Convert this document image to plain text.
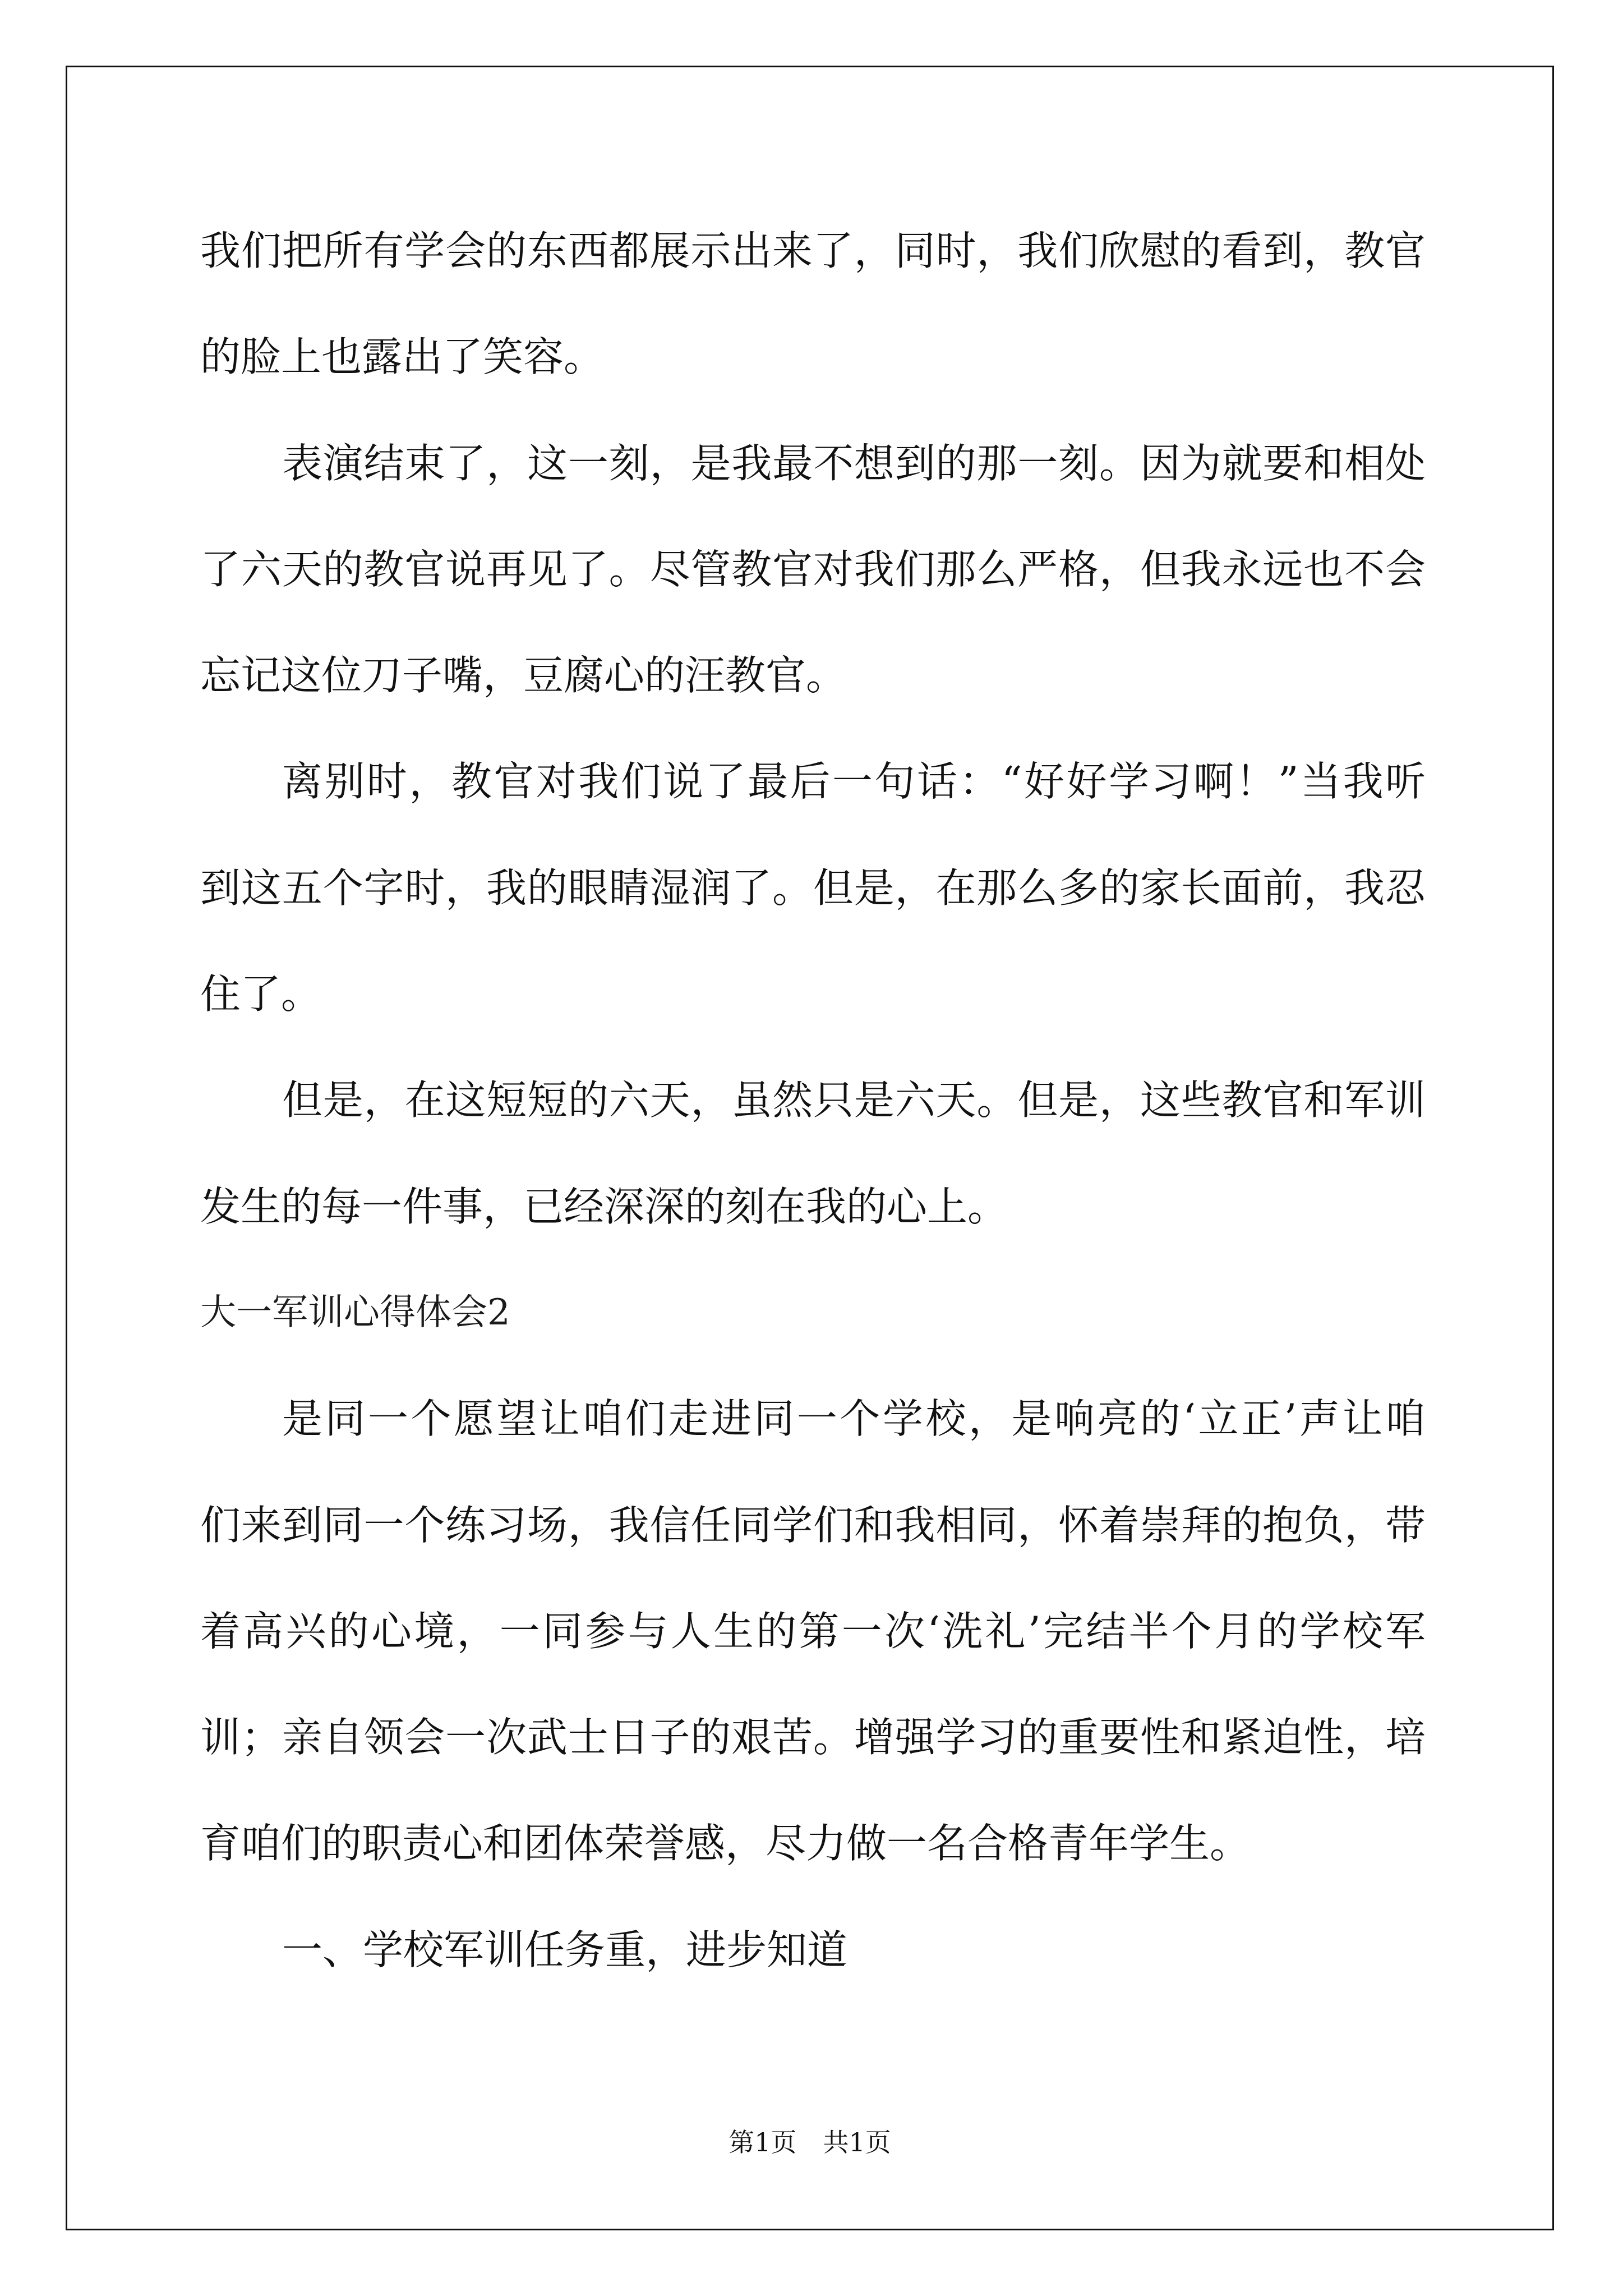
我们把所有学会的东西都展示出来了，同时，我们欣慰的看到，教官
的脸上也露出了笑容。
表演结束了，这一刻，是我最不想到的那一刻。因为就要和相处
了六天的教官说再见了。尽管教官对我们那么严格，但我永远也不会
忘记这位刀子嘴，豆腐心的汪教官。
离别时，教官对我们说了最后一句话：“好好学习啊！”当我听
到这五个字时，我的眼睛湿润了。但是，在那么多的家长面前，我忍
住了。
但是，在这短短的六天，虽然只是六天。但是，这些教官和军训
发生的每一件事，已经深深的刻在我的心上。
大一军训心得体会2
是同一个愿望让咱们走进同一个学校，是响亮的‘立正’声让咱
们来到同一个练习场，我信任同学们和我相同，怀着崇拜的抱负，带
着高兴的心境，一同参与人生的第一次‘洗礼’完结半个月的学校军
训；亲自领会一次武士日子的艰苦。增强学习的重要性和紧迫性，培
育咱们的职责心和团体荣誉感，尽力做一名合格青年学生。
一、学校军训任务重，进步知道
第1页 共1页
